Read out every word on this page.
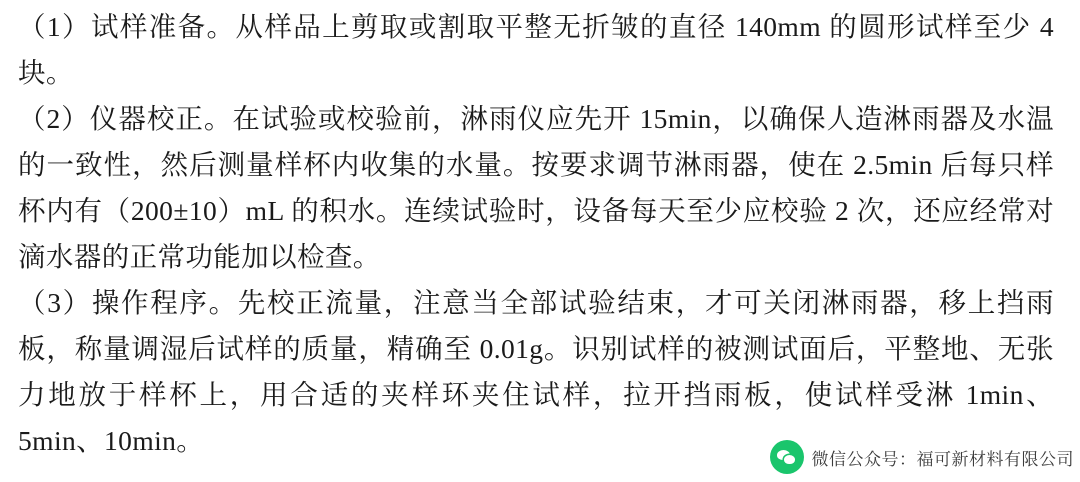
（1）试样准备。从样品上剪取或割取平整无折皱的直径 140mm 的圆形试样至少 4 块。

（2）仪器校正。在试验或校验前，淋雨仪应先开 15min，以确保人造淋雨器及水温的一致性，然后测量样杯内收集的水量。按要求调节淋雨器，使在 2.5min 后每只样杯内有（200±10）mL 的积水。连续试验时，设备每天至少应校验 2 次，还应经常对滴水器的正常功能加以检查。

（3）操作程序。先校正流量，注意当全部试验结束，才可关闭淋雨器，移上挡雨板，称量调湿后试样的质量，精确至 0.01g。识别试样的被测试面后，平整地、无张力地放于样杯上，用合适的夹样环夹住试样，拉开挡雨板，使试样受淋 1min、5min、10min。

微信公众号：福可新材料有限公司
